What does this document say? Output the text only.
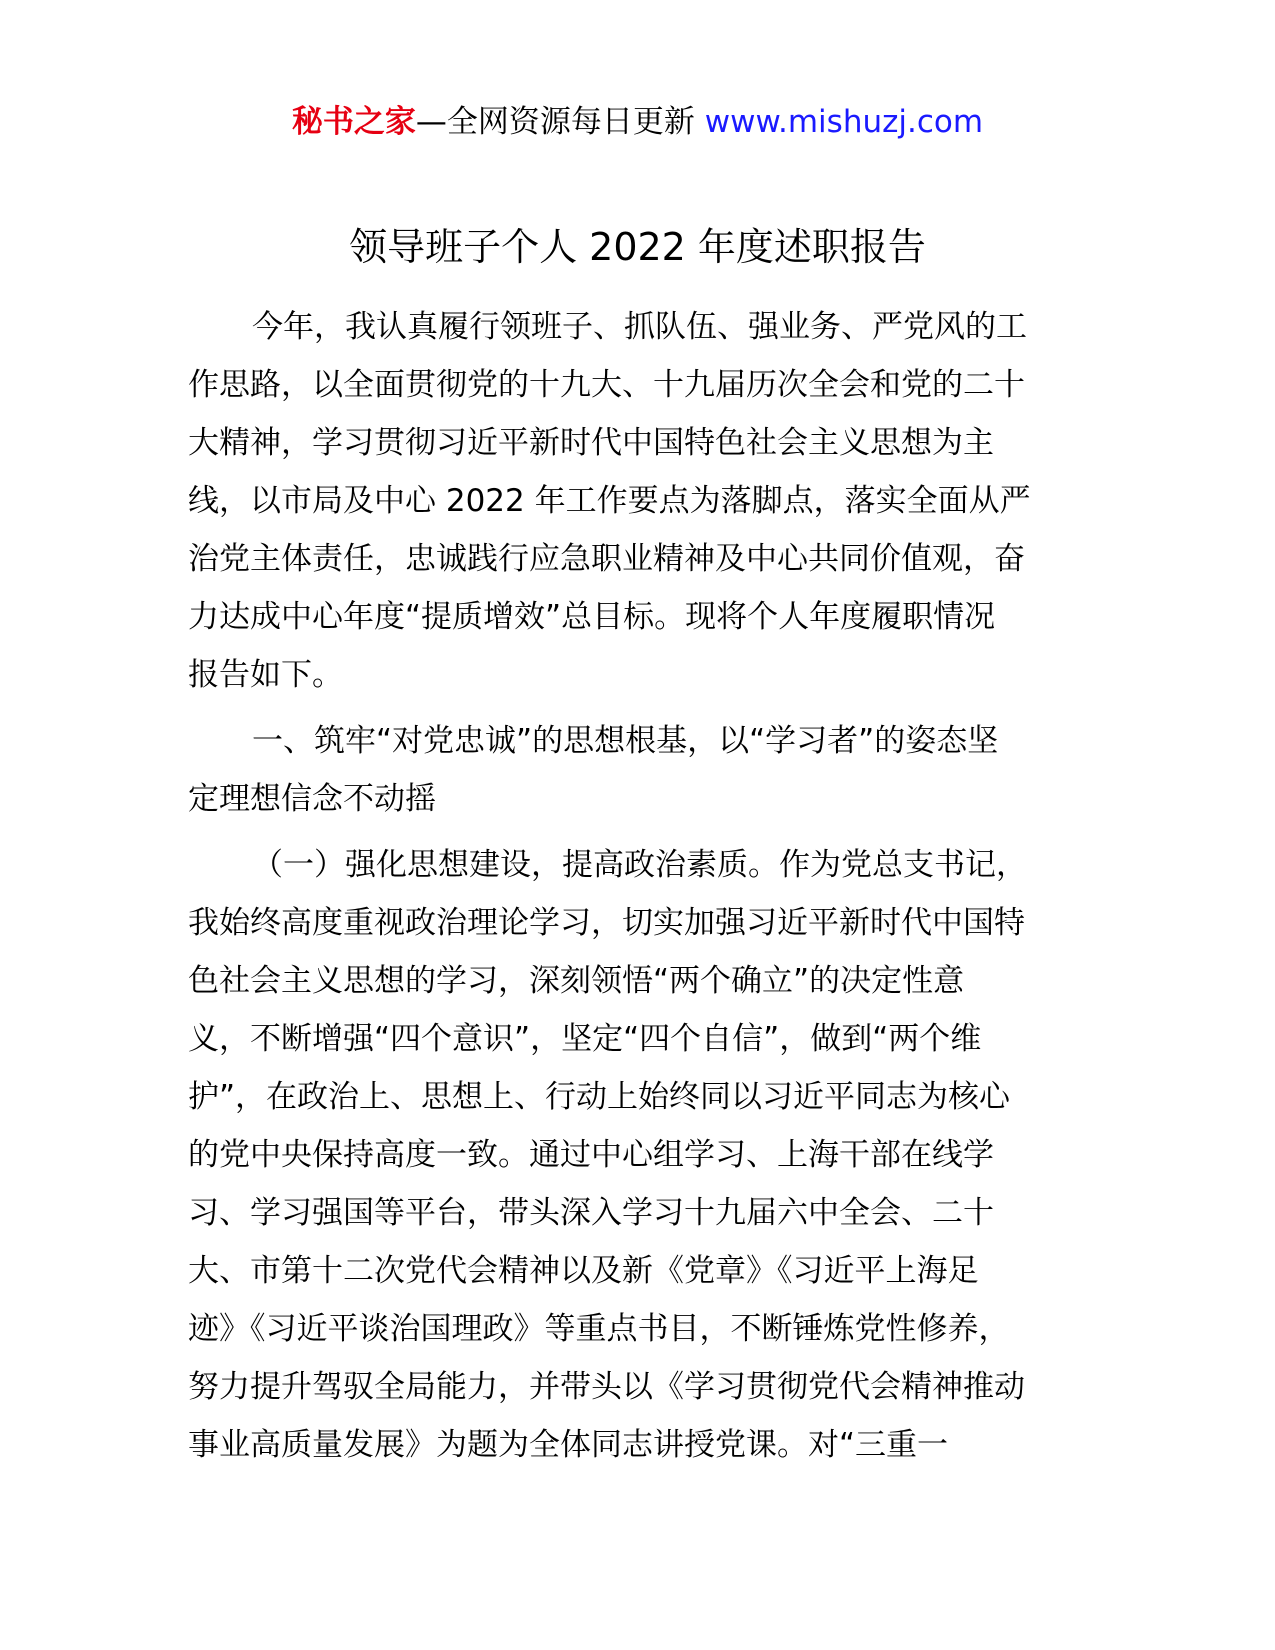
秘书之家—全网资源每日更新 www.mishuzj.com
领导班子个人 2022 年度述职报告

今年，我认真履行领班子、抓队伍、强业务、严党风的工
作思路，以全面贯彻党的十九大、十九届历次全会和党的二十
大精神，学习贯彻习近平新时代中国特色社会主义思想为主
线，以市局及中心 2022 年工作要点为落脚点，落实全面从严
治党主体责任，忠诚践行应急职业精神及中心共同价值观，奋
力达成中心年度“提质增效”总目标。现将个人年度履职情况
报告如下。

一、筑牢“对党忠诚”的思想根基，以“学习者”的姿态坚
定理想信念不动摇

（一）强化思想建设，提高政治素质。作为党总支书记，
我始终高度重视政治理论学习，切实加强习近平新时代中国特
色社会主义思想的学习，深刻领悟“两个确立”的决定性意
义，不断增强“四个意识”，坚定“四个自信”，做到“两个维
护”，在政治上、思想上、行动上始终同以习近平同志为核心
的党中央保持高度一致。通过中心组学习、上海干部在线学
习、学习强国等平台，带头深入学习十九届六中全会、二十
大、市第十二次党代会精神以及新《党章》《习近平上海足
迹》《习近平谈治国理政》等重点书目，不断锤炼党性修养，
努力提升驾驭全局能力，并带头以《学习贯彻党代会精神推动
事业高质量发展》为题为全体同志讲授党课。对“三重一
